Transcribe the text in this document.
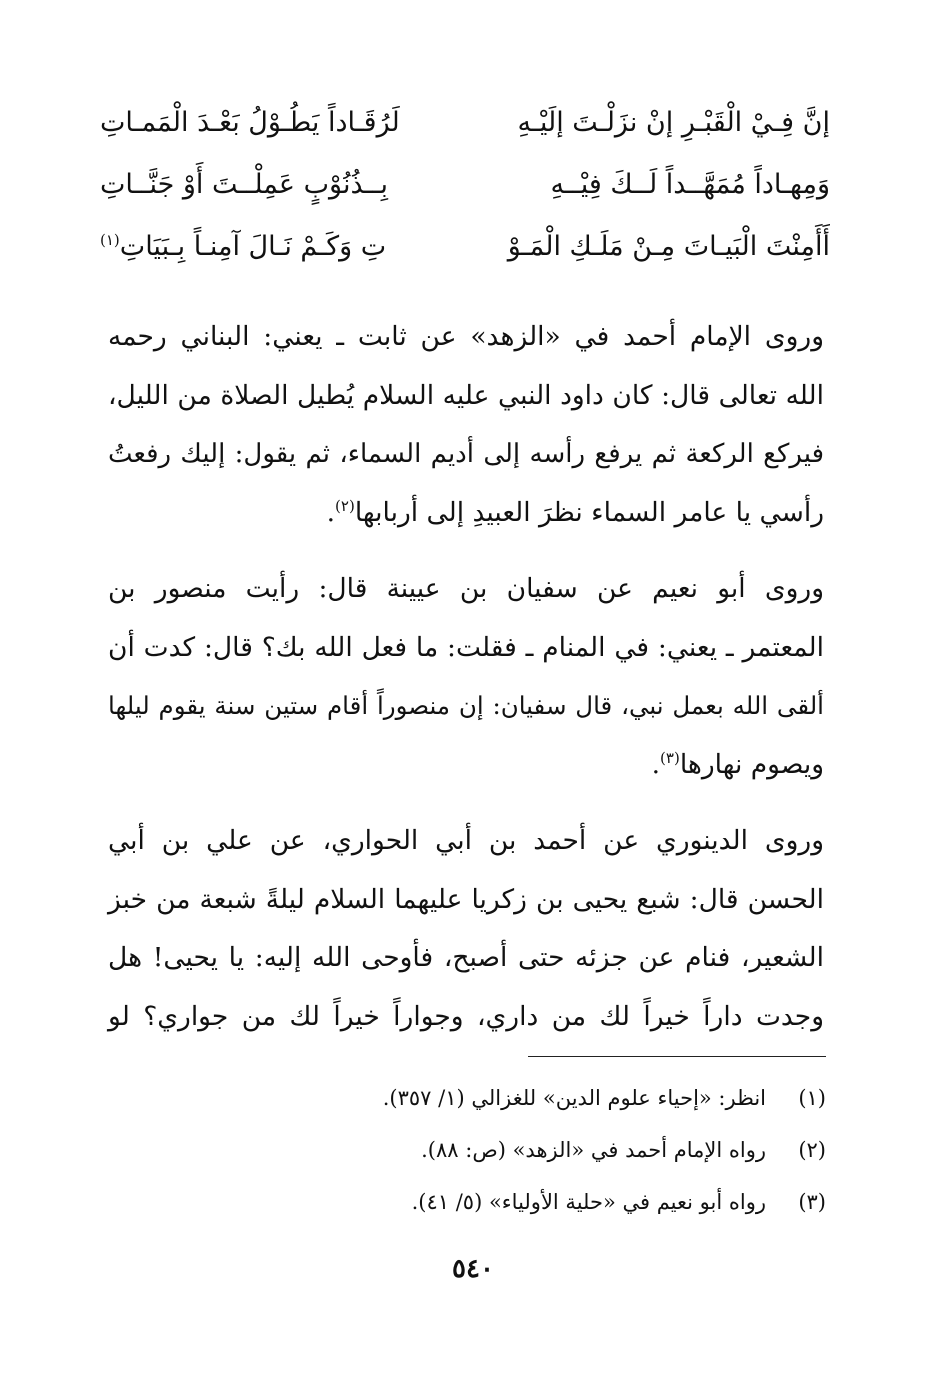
إنَّ فِـيْ الْقَبْـرِ إنْ نزَلْـتَ إلَيْـهِ
لَرُقَـاداً يَطُـوْلُ بَعْـدَ الْمَمـاتِ
وَمِهـاداً مُمَهَّــداً لَــكَ فِيْــهِ
بِــذُنُوْبٍ عَمِلْــتَ أَوْ جَنَّــاتِ
أَأَمِنْتَ الْبَيـاتَ مِـنْ مَلَـكِ الْمَـوْ
تِ وَكَـمْ نَـالَ آمِنـاً بِـبَيَاتِ$^{(١)}$

وروى الإمام أحمد في «الزهد» عن ثابت ـ يعني: البناني رحمه
الله تعالى قال: كان داود النبي عليه السلام يُطيل الصلاة من الليل،
فيركع الركعة ثم يرفع رأسه إلى أديم السماء، ثم يقول: إليك رفعتُ
رأسي يا عامر السماء نظرَ العبيدِ إلى أربابها$^{(٢)}$.

وروى أبو نعيم عن سفيان بن عيينة قال: رأيت منصور بن
المعتمر ـ يعني: في المنام ـ فقلت: ما فعل الله بك؟ قال: كدت أن
ألقى الله بعمل نبي، قال سفيان: إن منصوراً أقام ستين سنة يقوم ليلها
ويصوم نهارها$^{(٣)}$.

وروى الدينوري عن أحمد بن أبي الحواري، عن علي بن أبي
الحسن قال: شبع يحيى بن زكريا عليهما السلام ليلةً شبعة من خبز
الشعير، فنام عن جزئه حتى أصبح، فأوحى الله إليه: يا يحيى! هل
وجدت داراً خيراً لك من داري، وجواراً خيراً لك من جواري؟ لو

(١)
انظر: «إحياء علوم الدين» للغزالي (١/ ٣٥٧).
(٢)
رواه الإمام أحمد في «الزهد» (ص: ٨٨).
(٣)
رواه أبو نعيم في «حلية الأولياء» (٥/ ٤١).
٥٤٠
